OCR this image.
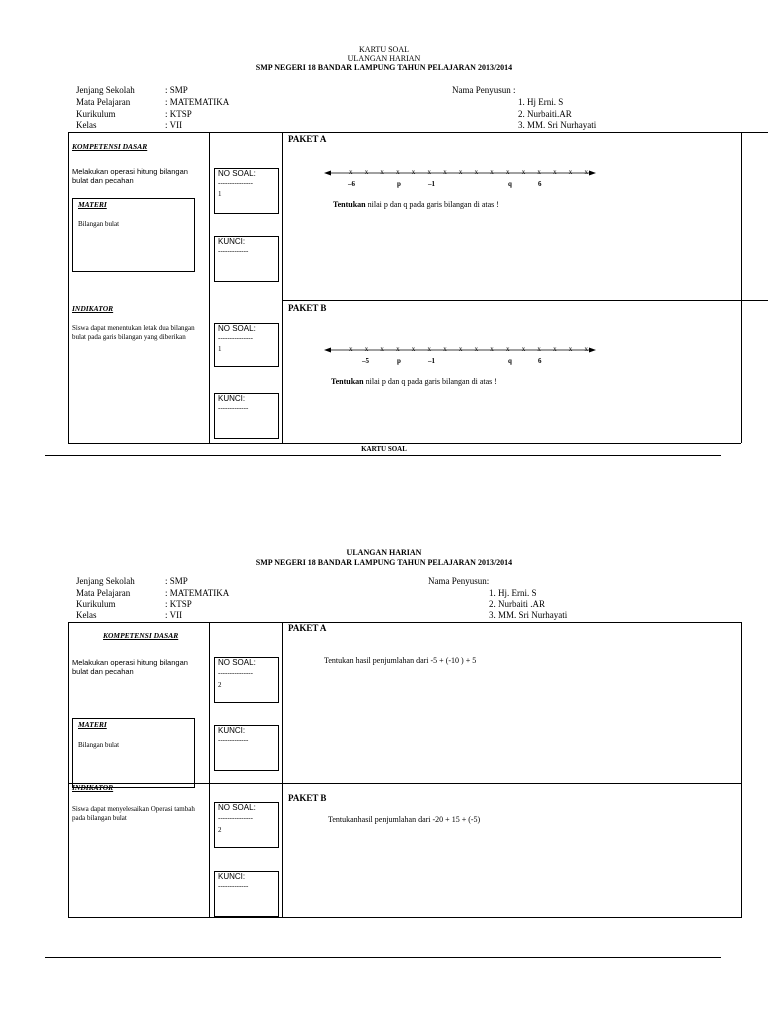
KARTU SOAL
ULANGAN HARIAN
SMP NEGERI 18 BANDAR LAMPUNG TAHUN PELAJARAN 2013/2014
Jenjang Sekolah	: SMP
Mata Pelajaran	: MATEMATIKA
Kurikulum	: KTSP
Kelas	: VII
Nama Penyusun :
1. Hj Erni. S
2. Nurbaiti.AR
3. MM. Sri Nurhayati
KOMPETENSI DASAR
Melakukan operasi hitung bilangan bulat dan pecahan
MATERI
Bilangan bulat
INDIKATOR
Siswa dapat menentukan letak dua bilangan bulat pada garis bilangan yang diberikan
NO SOAL:
---------------
1
KUNCI:
-------------
NO SOAL:
---------------
1
KUNCI:
-------------
PAKET A
x x x x x x x x x x x x x x x x
–6	p	–1	q	6
Tentukan nilai p dan q pada garis bilangan di atas !
PAKET B
x x x x x x x x x x x x x x x x
–5	p	–1	q	6
Tentukan nilai p dan q pada garis bilangan di atas !
KARTU SOAL
ULANGAN HARIAN
SMP NEGERI 18 BANDAR LAMPUNG TAHUN PELAJARAN 2013/2014
Jenjang Sekolah	: SMP
Mata Pelajaran	: MATEMATIKA
Kurikulum	: KTSP
Kelas	: VII
Nama Penyusun:
1. Hj. Erni. S
2. Nurbaiti .AR
3. MM. Sri Nurhayati
KOMPETENSI DASAR
Melakukan operasi hitung bilangan bulat dan pecahan
MATERI
Bilangan bulat
INDIKATOR
Siswa dapat menyelesaikan Operasi tambah pada bilangan bulat
NO SOAL:
---------------
2
KUNCI:
-------------
NO SOAL:
---------------
2
KUNCI:
-------------
PAKET A
Tentukan hasil penjumlahan dari -5 + (-10 ) + 5
PAKET B
Tentukanhasil penjumlahan dari -20 + 15 + (-5)
